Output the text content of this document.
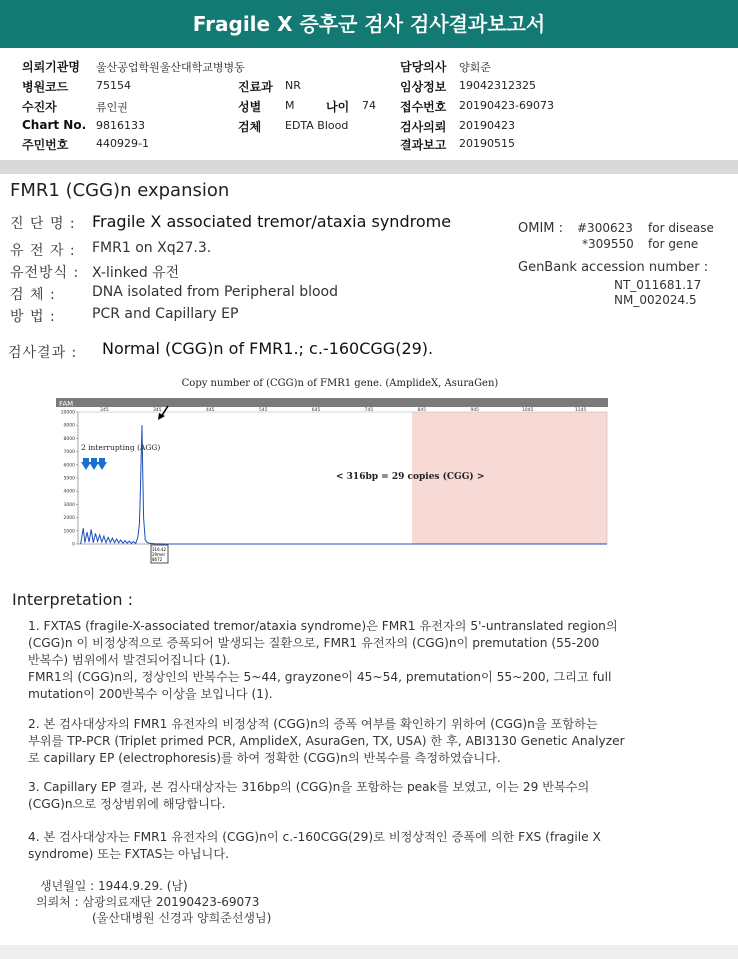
Fragile X 증후군 검사 검사결과보고서
의뢰기관명 울산공업학원울산대학교병병동
병원코드	75154
수진자	류인권
Chart No. 9816133
주민번호	440929-1
진료과 NR
성별 M	나이 74
검체 EDTA Blood
담당의사 양회준
임상정보 19042312325
접수번호 20190423-69073
검사의뢰 20190423
결과보고 20190515
FMR1 (CGG)n expansion
진 단 명 : Fragile X associated tremor/ataxia syndrome
유 전 자 : FMR1 on Xq27.3.
유전방식 : X-linked 유전
검 체 :	DNA isolated from Peripheral blood
방 법 :	PCR and Capillary EP
OMIM : #300623 for disease
*309550 for gene
GenBank accession number :
NT_011681.17
NM_002024.5
검사결과 : Normal (CGG)n of FMR1.; c.-160CGG(29).
Copy number of (CGG)n of FMR1 gene. (AmplideX, AsuraGen)
FAM
245	345	445	545	645	745	845	945	1045	1145
10000
9000
8000
7000
6000
5000
4000
3000
2000
1000
0
2 interrupting (AGG)
< 316bp = 29 copies (CGG) >
316.42
29mer
8672
Interpretation :
1. FXTAS (fragile-X-associated tremor/ataxia syndrome)은 FMR1 유전자의 5'-untranslated region의
(CGG)n 이 비정상적으로 증폭되어 발생되는 질환으로, FMR1 유전자의 (CGG)n이 premutation (55-200
반복수) 범위에서 발견되어집니다 (1).
FMR1의 (CGG)n의, 정상인의 반복수는 5~44, grayzone이 45~54, premutation이 55~200, 그리고 full
mutation이 200반복수 이상을 보입니다 (1).
2. 본 검사대상자의 FMR1 유전자의 비정상적 (CGG)n의 증폭 여부를 확인하기 위하여 (CGG)n을 포함하는
부위를 TP-PCR (Triplet primed PCR, AmplideX, AsuraGen, TX, USA) 한 후, ABI3130 Genetic Analyzer
로 capillary EP (electrophoresis)를 하여 정확한 (CGG)n의 반복수를 측정하였습니다.
3. Capillary EP 결과, 본 검사대상자는 316bp의 (CGG)n을 포함하는 peak를 보였고, 이는 29 반복수의
(CGG)n으로 정상범위에 해당합니다.
4. 본 검사대상자는 FMR1 유전자의 (CGG)n이 c.-160CGG(29)로 비정상적인 증폭에 의한 FXS (fragile X
syndrome) 또는 FXTAS는 아닙니다.
생년월일 : 1944.9.29. (남)
의뢰처 : 삼광의료재단 20190423-69073
(울산대병원 신경과 양희준선생님)
